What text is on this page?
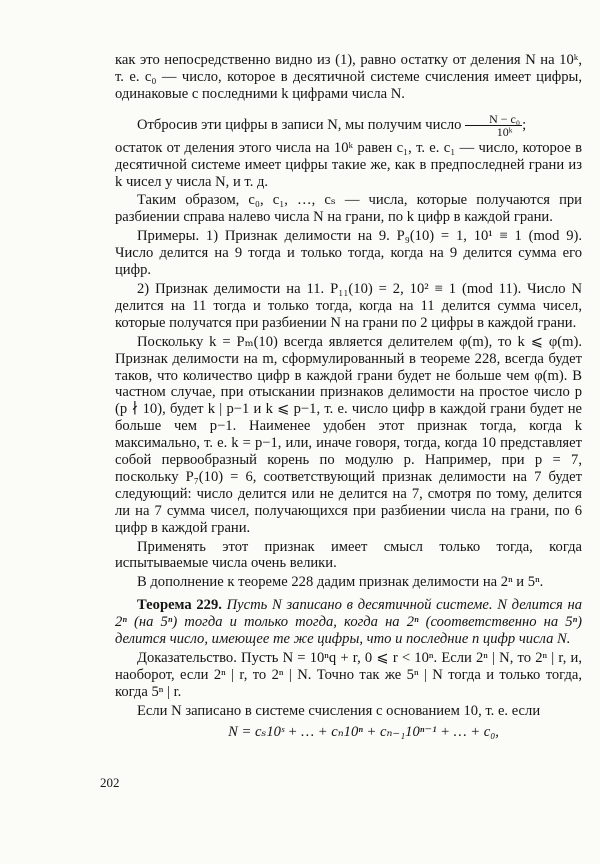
как это непосредственно видно из (1), равно остатку от деления N на 10ᵏ, т. е. c₀ — число, которое в десятичной системе счисления имеет цифры, одинаковые с последними k цифрами числа N.

Отбросив эти цифры в записи N, мы получим число $\frac{\text{N − c₀}}{\text{10ᵏ}}$ ;

остаток от деления этого числа на 10ᵏ равен c₁, т. е. c₁ — число, которое в десятичной системе имеет цифры такие же, как в предпоследней грани из k чисел у числа N, и т. д.

Таким образом, c₀, c₁, …, cₛ — числа, которые получаются при разбиении справа налево числа N на грани, по k цифр в каждой грани.

Примеры. 1) Признак делимости на 9. P₉(10) = 1, 10¹ ≡ 1 (mod 9). Число делится на 9 тогда и только тогда, когда на 9 делится сумма его цифр.

2) Признак делимости на 11. P₁₁(10) = 2, 10² ≡ 1 (mod 11). Число N делится на 11 тогда и только тогда, когда на 11 делится сумма чисел, которые получатся при разбиении N на грани по 2 цифры в каждой грани.

Поскольку k = Pₘ(10) всегда является делителем φ(m), то k ⩽ φ(m). Признак делимости на m, сформулированный в теореме 228, всегда будет таков, что количество цифр в каждой грани будет не больше чем φ(m). В частном случае, при отыскании признаков делимости на простое число p (p ∤ 10), будет k | p−1 и k ⩽ p−1, т. е. число цифр в каждой грани будет не больше чем p−1. Наименее удобен этот признак тогда, когда k максимально, т. е. k = p−1, или, иначе говоря, тогда, когда 10 представляет собой первообразный корень по модулю p. Например, при p = 7, поскольку P₇(10) = 6, соответствующий признак делимости на 7 будет следующий: число делится или не делится на 7, смотря по тому, делится ли на 7 сумма чисел, получающихся при разбиении числа на грани, по 6 цифр в каждой грани.

Применять этот признак имеет смысл только тогда, когда испытываемые числа очень велики.

В дополнение к теореме 228 дадим признак делимости на 2ⁿ и 5ⁿ.

Теорема 229. Пусть N записано в десятичной системе. N делится на 2ⁿ (на 5ⁿ) тогда и только тогда, когда на 2ⁿ (соответственно на 5ⁿ) делится число, имеющее те же цифры, что и последние n цифр числа N.

Доказательство. Пусть N = 10ⁿq + r, 0 ⩽ r < 10ⁿ. Если 2ⁿ | N, то 2ⁿ | r, и, наоборот, если 2ⁿ | r, то 2ⁿ | N. Точно так же 5ⁿ | N тогда и только тогда, когда 5ⁿ | r.

Если N записано в системе счисления с основанием 10, т. е. если

N = cₛ10ˢ + … + cₙ10ⁿ + cₙ₋₁10ⁿ⁻¹ + … + c₀,

202
